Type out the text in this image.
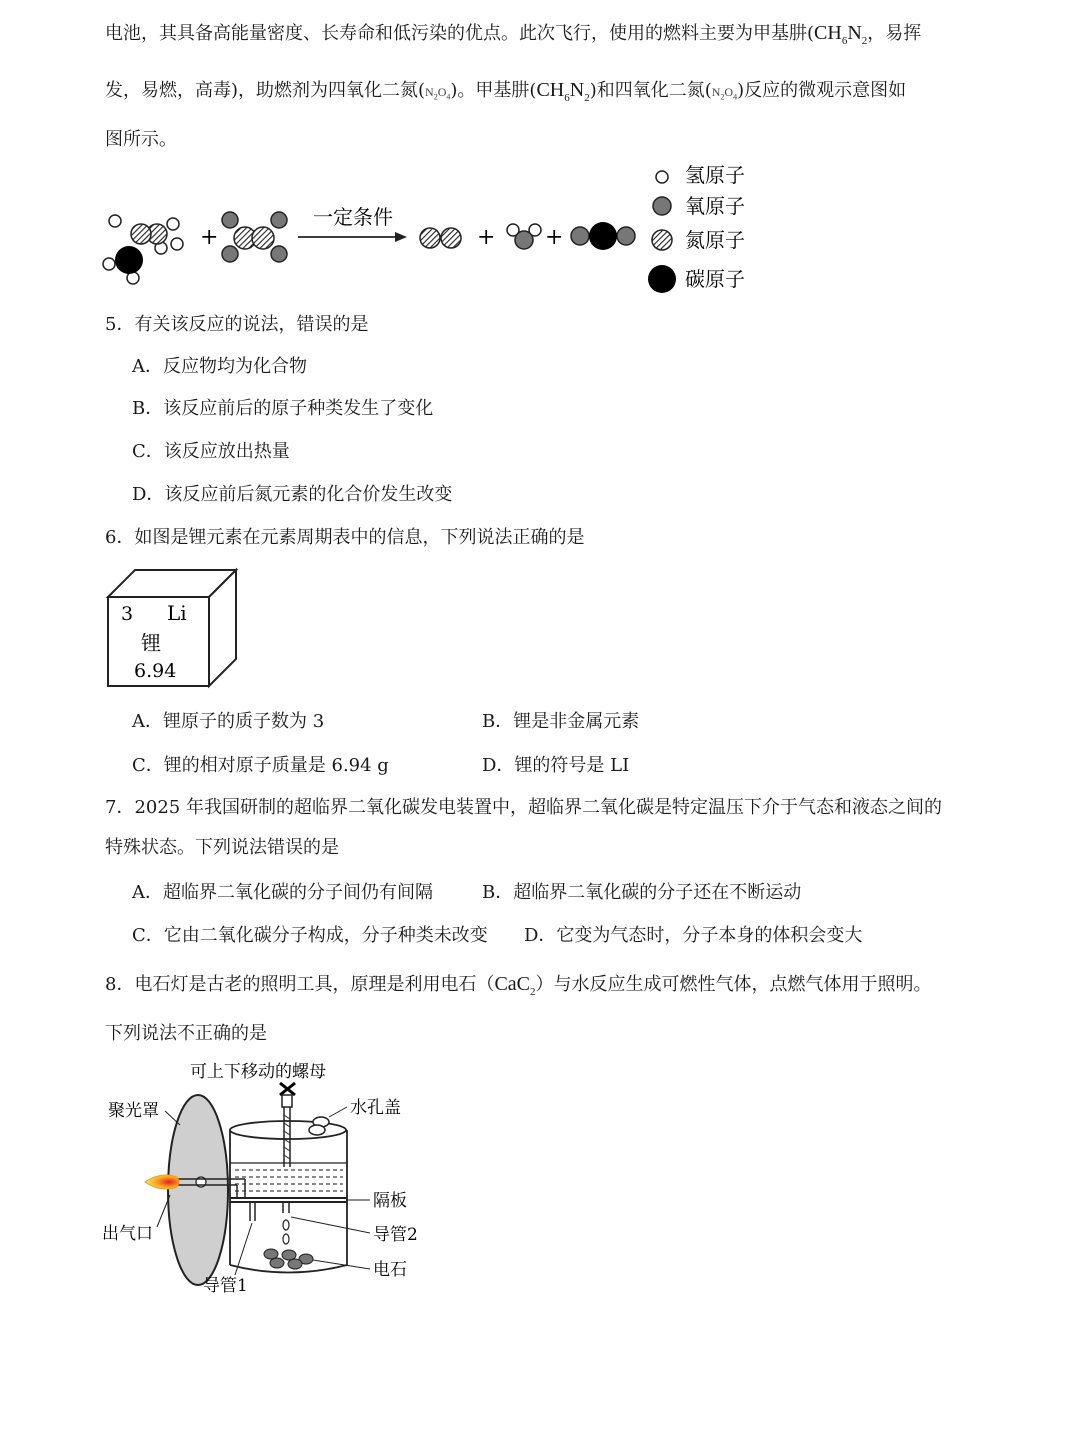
电池，其具备高能量密度、长寿命和低污染的优点。此次飞行，使用的燃料主要为甲基肼($CH_6N_2$，易挥
发，易燃，高毒)，助燃剂为四氧化二氮$(N_2O_4)$。甲基肼$(CH_6N_2)$和四氧化二氮$(N_2O_4)$反应的微观示意图如
图所示。
+
一定条件
+ +
氢原子
氧原子
氮原子
碳原子
5．有关该反应的说法，错误的是
A．反应物均为化合物
B．该反应前后的原子种类发生了变化
C．该反应放出热量
D．该反应前后氮元素的化合价发生改变
6．如图是锂元素在元素周期表中的信息，下列说法正确的是
3 Li
锂
6.94
A．锂原子的质子数为 3	B．锂是非金属元素
C．锂的相对原子质量是 6.94 g	D．锂的符号是 LI
7．2025 年我国研制的超临界二氧化碳发电装置中，超临界二氧化碳是特定温压下介于气态和液态之间的
特殊状态。下列说法错误的是
A．超临界二氧化碳的分子间仍有间隔	B．超临界二氧化碳的分子还在不断运动
C．它由二氧化碳分子构成，分子种类未改变 D．它变为气态时，分子本身的体积会变大
8．电石灯是古老的照明工具，原理是利用电石（CaC$_2$）与水反应生成可燃性气体，点燃气体用于照明。
下列说法不正确的是
可上下移动的螺母
水孔盖
聚光罩
隔板
导管2
电石
出气口
导管1
